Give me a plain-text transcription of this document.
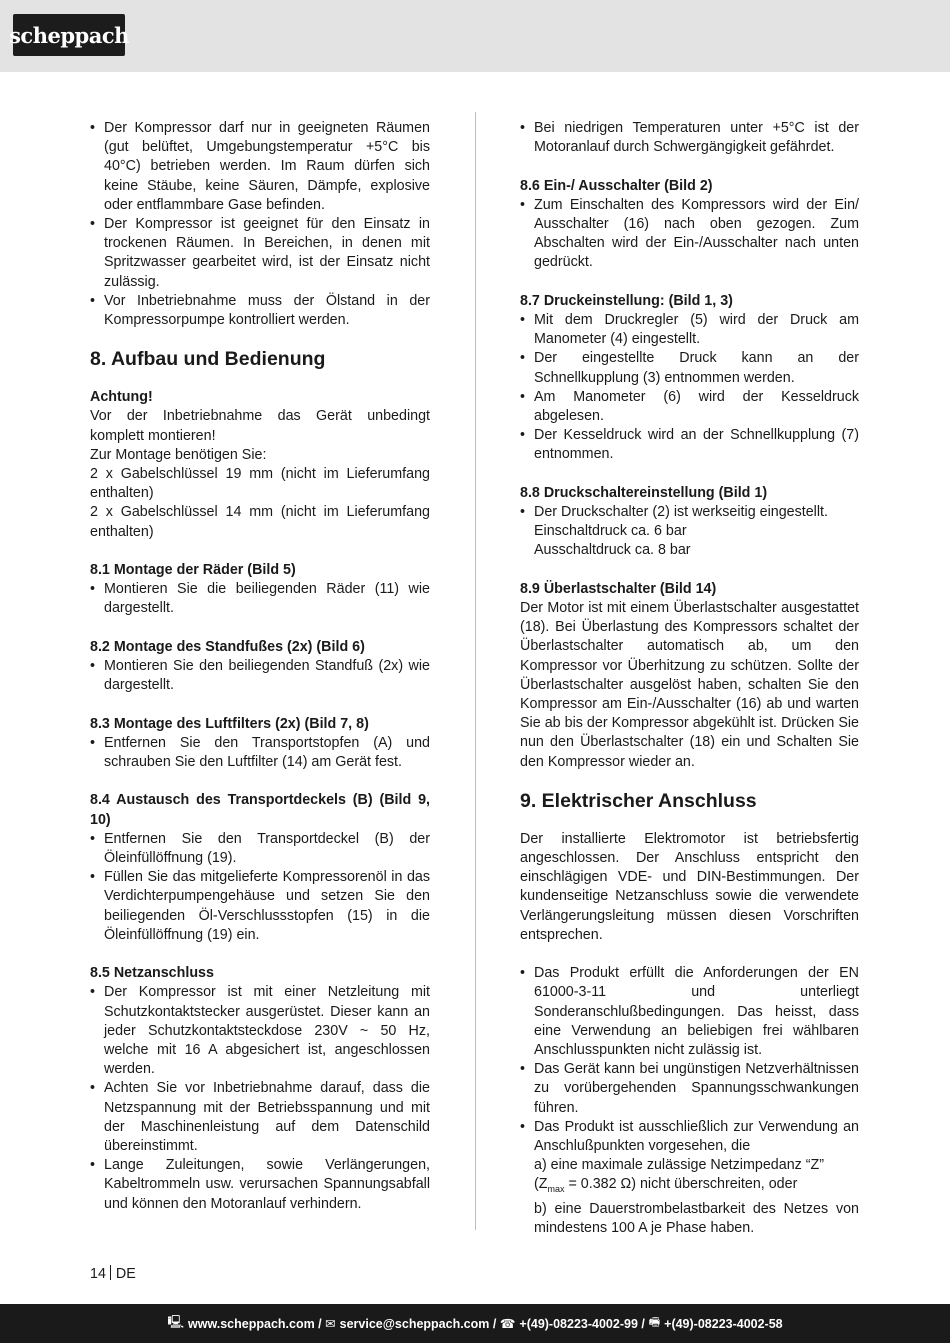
scheppach
• Der Kompressor darf nur in geeigneten Räumen (gut belüftet, Umgebungstemperatur +5°C bis 40°C) betrieben werden. Im Raum dürfen sich keine Stäube, keine Säuren, Dämpfe, explosive oder entflammbare Gase befinden.
• Der Kompressor ist geeignet für den Einsatz in trockenen Räumen. In Bereichen, in denen mit Spritzwasser gearbeitet wird, ist der Einsatz nicht zulässig.
• Vor Inbetriebnahme muss der Ölstand in der Kompressorpumpe kontrolliert werden.
8. Aufbau und Bedienung

Achtung!

Vor der Inbetriebnahme das Gerät unbedingt komplett montieren!

Zur Montage benötigen Sie:

2 x Gabelschlüssel 19 mm (nicht im Lieferumfang enthalten)

2 x Gabelschlüssel 14 mm (nicht im Lieferumfang enthalten)

8.1 Montage der Räder (Bild 5)

• Montieren Sie die beiliegenden Räder (11) wie dargestellt.

8.2 Montage des Standfußes (2x) (Bild 6)

• Montieren Sie den beiliegenden Standfuß (2x) wie dargestellt.

8.3 Montage des Luftfilters (2x) (Bild 7, 8)

• Entfernen Sie den Transportstopfen (A) und schrauben Sie den Luftfilter (14) am Gerät fest.

8.4 Austausch des Transportdeckels (B) (Bild 9, 10)

• Entfernen Sie den Transportdeckel (B) der Öleinfüllöffnung (19).
• Füllen Sie das mitgelieferte Kompressorenöl in das Verdichterpumpengehäuse und setzen Sie den beiliegenden Öl-Verschlussstopfen (15) in die Öleinfüllöffnung (19) ein.

8.5 Netzanschluss

• Der Kompressor ist mit einer Netzleitung mit Schutzkontaktstecker ausgerüstet. Dieser kann an jeder Schutzkontaktsteckdose 230V ~ 50 Hz, welche mit 16 A abgesichert ist, angeschlossen werden.
• Achten Sie vor Inbetriebnahme darauf, dass die Netzspannung mit der Betriebsspannung und mit der Maschinenleistung auf dem Datenschild übereinstimmt.
• Lange Zuleitungen, sowie Verlängerungen, Kabeltrommeln usw. verursachen Spannungsabfall und können den Motoranlauf verhindern.
• Bei niedrigen Temperaturen unter +5°C ist der Motoranlauf durch Schwergängigkeit gefährdet.

8.6 Ein-/ Ausschalter (Bild 2)

• Zum Einschalten des Kompressors wird der Ein/ Ausschalter (16) nach oben gezogen. Zum Abschalten wird der Ein-/Ausschalter nach unten gedrückt.

8.7 Druckeinstellung: (Bild 1, 3)

• Mit dem Druckregler (5) wird der Druck am Manometer (4) eingestellt.
• Der eingestellte Druck kann an der Schnellkupplung (3) entnommen werden.
• Am Manometer (6) wird der Kesseldruck abgelesen.
• Der Kesseldruck wird an der Schnellkupplung (7) entnommen.

8.8 Druckschaltereinstellung (Bild 1)

• Der Druckschalter (2) ist werkseitig eingestellt.

Einschaltdruck ca. 6 bar

Ausschaltdruck ca. 8 bar

8.9 Überlastschalter (Bild 14)

Der Motor ist mit einem Überlastschalter ausgestattet (18). Bei Überlastung des Kompressors schaltet der Überlastschalter automatisch ab, um den Kompressor vor Überhitzung zu schützen. Sollte der Überlastschalter ausgelöst haben, schalten Sie den Kompressor am Ein-/Ausschalter (16) ab und warten Sie ab bis der Kompressor abgekühlt ist. Drücken Sie nun den Überlastschalter (18) ein und Schalten Sie den Kompressor wieder an.

9. Elektrischer Anschluss

Der installierte Elektromotor ist betriebsfertig angeschlossen. Der Anschluss entspricht den einschlägigen VDE- und DIN-Bestimmungen. Der kundenseitige Netzanschluss sowie die verwendete Verlängerungsleitung müssen diesen Vorschriften entsprechen.

• Das Produkt erfüllt die Anforderungen der EN 61000-3-11 und unterliegt Sonderanschlußbedingungen. Das heisst, dass eine Verwendung an beliebigen frei wählbaren Anschlusspunkten nicht zulässig ist.
• Das Gerät kann bei ungünstigen Netzverhältnissen zu vorübergehenden Spannungsschwankungen führen.
• Das Produkt ist ausschließlich zur Verwendung an Anschlußpunkten vorgesehen, die
a) eine maximale zulässige Netzimpedanz “Z”
($Z_{max} = 0.382$ Ω) nicht überschreiten, oder
b) eine Dauerstrombelastbarkeit des Netzes von mindestens 100 A je Phase haben.
14 DE
🖳 www.scheppach.com /
✉ service@scheppach.com /
☎ +(49)-08223-4002-99 /
🖷 +(49)-08223-4002-58
